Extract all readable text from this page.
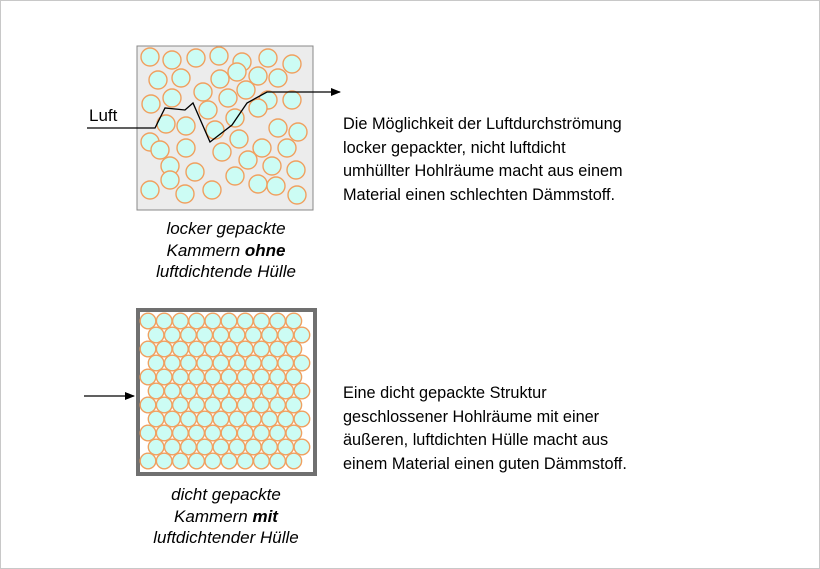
Luft
locker gepackte
Kammern ohne
luftdichtende Hülle
dicht gepackte
Kammern mit
luftdichtender Hülle
Die Möglichkeit der Luftdurchströmung
locker gepackter, nicht luftdicht
umhüllter Hohlräume macht aus einem
Material einen schlechten Dämmstoff.
Eine dicht gepackte Struktur
geschlossener Hohlräume mit einer
äußeren, luftdichten Hülle macht aus
einem Material einen guten Dämmstoff.
